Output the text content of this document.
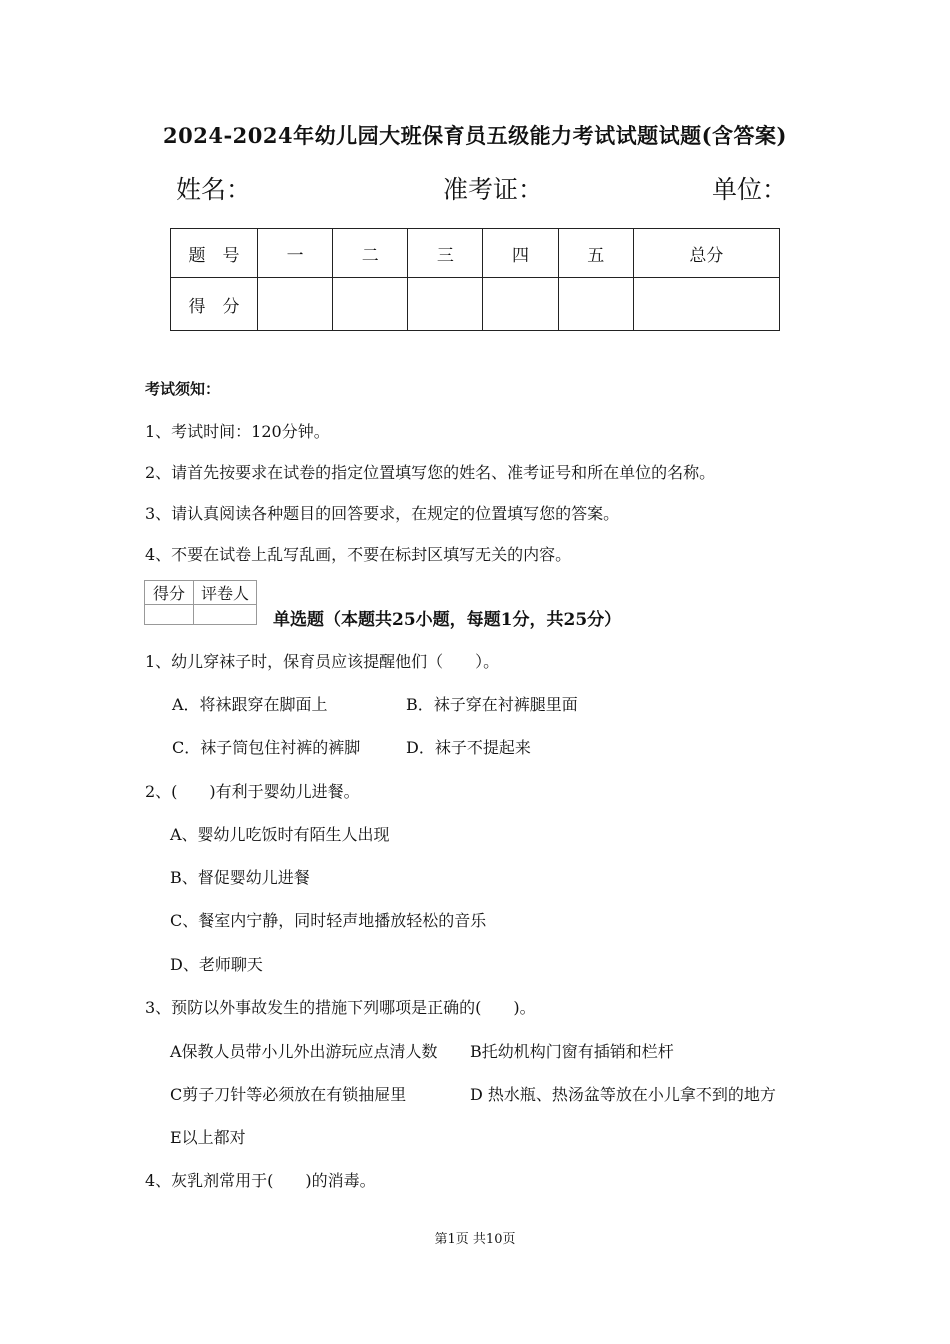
2024-2024年幼儿园大班保育员五级能力考试试题试题(含答案)
姓名：	准考证：	单位：
题　号	一	二	三	四	五	总分
得　分						
考试须知：
1、考试时间：120分钟。
2、请首先按要求在试卷的指定位置填写您的姓名、准考证号和所在单位的名称。
3、请认真阅读各种题目的回答要求，在规定的位置填写您的答案。
4、不要在试卷上乱写乱画，不要在标封区填写无关的内容。
得分	评卷人

单选题（本题共25小题，每题1分，共25分）
1、幼儿穿袜子时，保育员应该提醒他们（　　）。
A．将袜跟穿在脚面上	B．袜子穿在衬裤腿里面
C．袜子筒包住衬裤的裤脚	D．袜子不提起来
2、(　　)有利于婴幼儿进餐。
A、婴幼儿吃饭时有陌生人出现
B、督促婴幼儿进餐
C、餐室内宁静，同时轻声地播放轻松的音乐
D、老师聊天
3、预防以外事故发生的措施下列哪项是正确的(　　)。
A保教人员带小儿外出游玩应点清人数 B托幼机构门窗有插销和栏杆
C剪子刀针等必须放在有锁抽屉里	D 热水瓶、热汤盆等放在小儿拿不到的地方
E以上都对
4、灰乳剂常用于(　　)的消毒。
第1页 共10页
